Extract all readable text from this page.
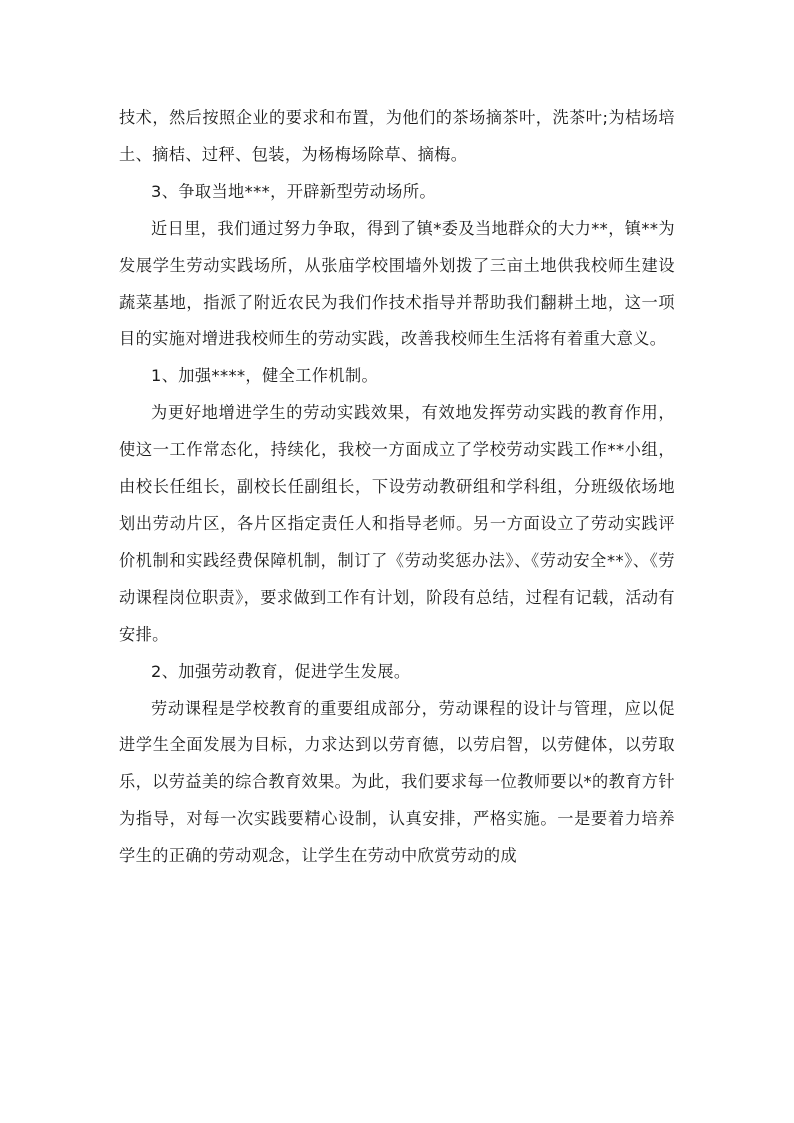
技术，然后按照企业的要求和布置，为他们的茶场摘茶叶，洗茶叶;为桔场培土、摘桔、过秤、包装，为杨梅场除草、摘梅。

3、争取当地***，开辟新型劳动场所。

近日里，我们通过努力争取，得到了镇*委及当地群众的大力**，镇**为发展学生劳动实践场所，从张庙学校围墙外划拨了三亩土地供我校师生建设蔬菜基地，指派了附近农民为我们作技术指导并帮助我们翻耕土地，这一项目的实施对增进我校师生的劳动实践，改善我校师生生活将有着重大意义。

1、加强****，健全工作机制。

为更好地增进学生的劳动实践效果，有效地发挥劳动实践的教育作用，使这一工作常态化，持续化，我校一方面成立了学校劳动实践工作**小组，由校长任组长，副校长任副组长，下设劳动教研组和学科组，分班级依场地划出劳动片区，各片区指定责任人和指导老师。另一方面设立了劳动实践评价机制和实践经费保障机制，制订了《劳动奖惩办法》、《劳动安全**》、《劳动课程岗位职责》，要求做到工作有计划，阶段有总结，过程有记载，活动有安排。

2、加强劳动教育，促进学生发展。

劳动课程是学校教育的重要组成部分，劳动课程的设计与管理，应以促进学生全面发展为目标，力求达到以劳育德，以劳启智，以劳健体，以劳取乐，以劳益美的综合教育效果。为此，我们要求每一位教师要以*的教育方针为指导，对每一次实践要精心设制，认真安排，严格实施。一是要着力培养学生的正确的劳动观念，让学生在劳动中欣赏劳动的成
